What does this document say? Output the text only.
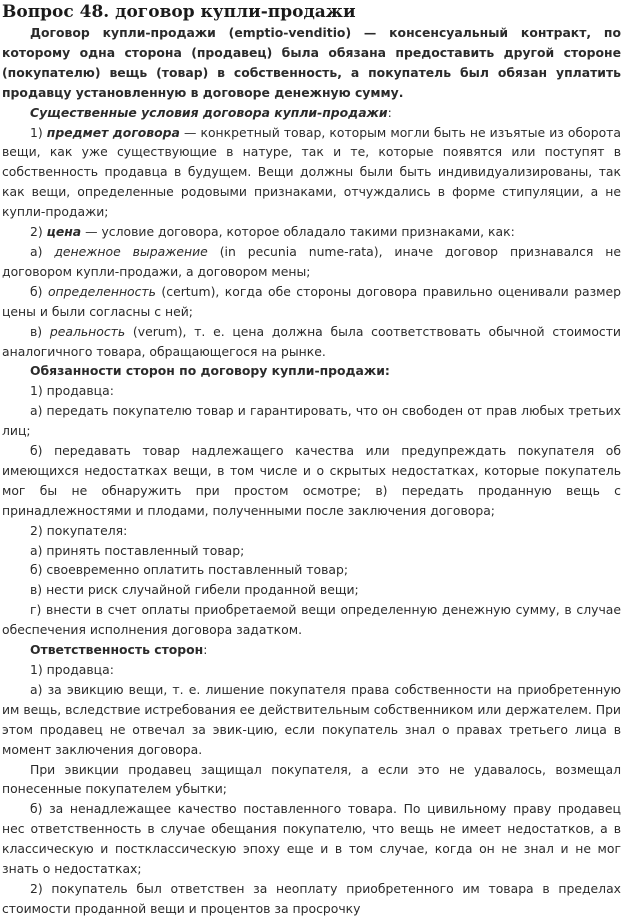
Вопрос 48. договор купли-продажи

Договор купли-продажи (emptio-venditio) — консенсуальный контракт, по которому одна сторона (продавец) была обязана предоставить другой стороне (покупателю) вещь (товар) в собственность, а покупатель был обязан уплатить продавцу установленную в договоре денежную сумму.

Существенные условия договора купли-продажи:

1) предмет договора — конкретный товар, которым могли быть не изъятые из оборота вещи, как уже существующие в натуре, так и те, которые появятся или поступят в собственность продавца в будущем. Вещи должны были быть индивидуализированы, так как вещи, определенные родовыми признаками, отчуждались в форме стипуляции, а не купли-продажи;

2) цена — условие договора, которое обладало такими признаками, как:

а) денежное выражение (in pecunia nume-rata), иначе договор признавался не договором купли-продажи, а договором мены;

б) определенность (certum), когда обе стороны договора правильно оценивали размер цены и были согласны с ней;

в) реальность (verum), т. е. цена должна была соответствовать обычной стоимости аналогичного товара, обращающегося на рынке.

Обязанности сторон по договору купли-продажи:

1) продавца:

а) передать покупателю товар и гарантировать, что он свободен от прав любых третьих лиц;

б) передавать товар надлежащего качества или предупреждать покупателя об имеющихся недостатках вещи, в том числе и о скрытых недостатках, которые покупатель мог бы не обнаружить при простом осмотре; в) передать проданную вещь с принадлежностями и плодами, полученными после заключения договора;

2) покупателя:

а) принять поставленный товар;

б) своевременно оплатить поставленный товар;

в) нести риск случайной гибели проданной вещи;

г) внести в счет оплаты приобретаемой вещи определенную денежную сумму, в случае обеспечения исполнения договора задатком.

Ответственность сторон:

1) продавца:

а) за эвикцию вещи, т. е. лишение покупателя права собственности на приобретенную им вещь, вследствие истребования ее действительным собственником или держателем. При этом продавец не отвечал за эвик-цию, если покупатель знал о правах третьего лица в момент заключения договора.

При эвикции продавец защищал покупателя, а если это не удавалось, возмещал понесенные покупателем убытки;

б) за ненадлежащее качество поставленного товара. По цивильному праву продавец нес ответственность в случае обещания покупателю, что вещь не имеет недостатков, а в классическую и постклассическую эпоху еще и в том случае, когда он не знал и не мог знать о недостатках;

2) покупатель был ответствен за неоплату приобретенного им товара в пределах стоимости проданной вещи и процентов за просрочку
